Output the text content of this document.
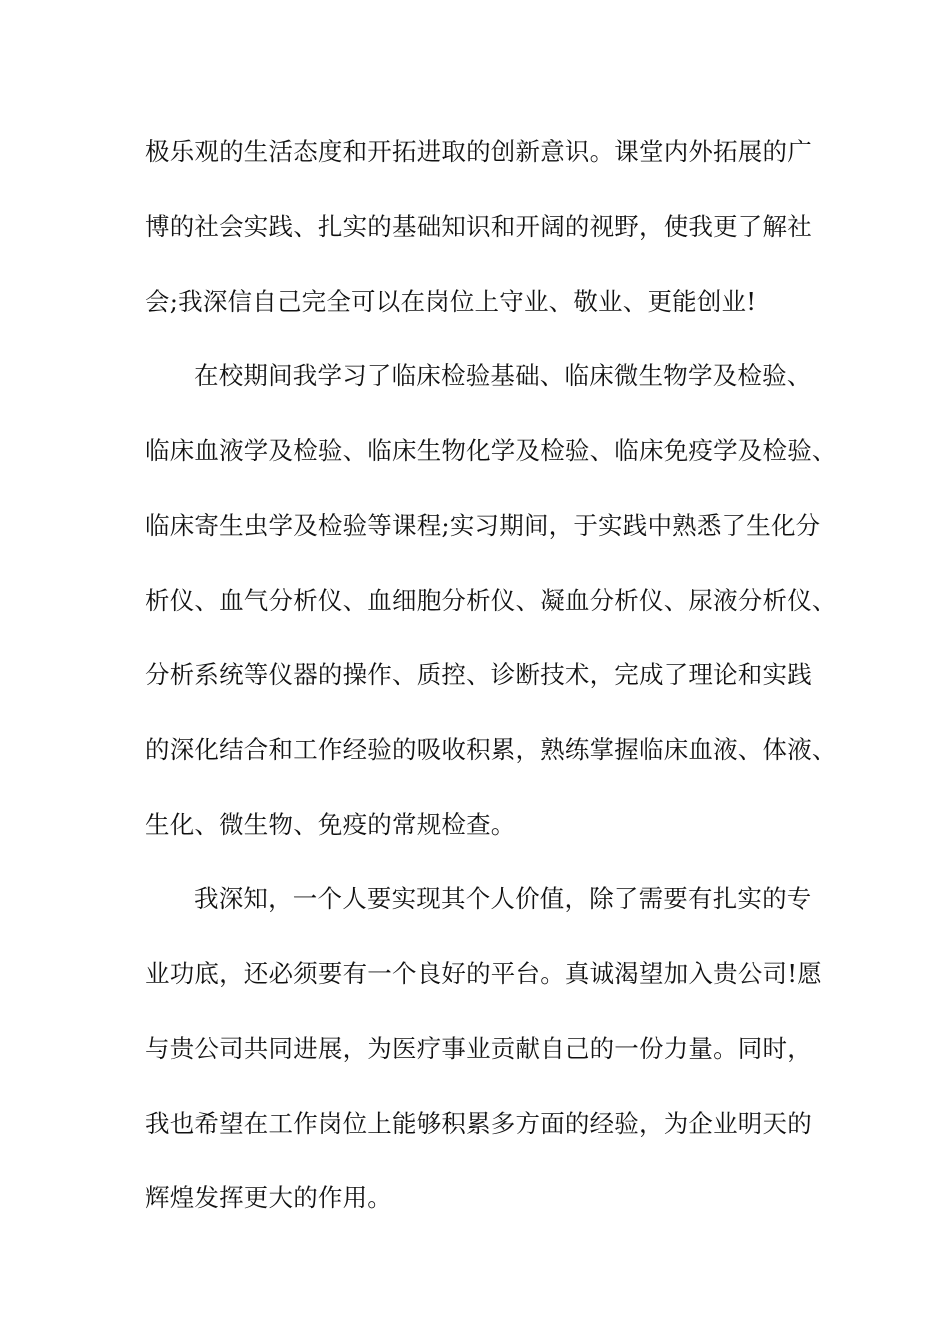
极乐观的生活态度和开拓进取的创新意识。课堂内外拓展的广

博的社会实践、扎实的基础知识和开阔的视野，使我更了解社

会;我深信自己完全可以在岗位上守业、敬业、更能创业!

在校期间我学习了临床检验基础、临床微生物学及检验、

临床血液学及检验、临床生物化学及检验、临床免疫学及检验、

临床寄生虫学及检验等课程;实习期间，于实践中熟悉了生化分

析仪、血气分析仪、血细胞分析仪、凝血分析仪、尿液分析仪、

分析系统等仪器的操作、质控、诊断技术，完成了理论和实践

的深化结合和工作经验的吸收积累，熟练掌握临床血液、体液、

生化、微生物、免疫的常规检查。

我深知，一个人要实现其个人价值，除了需要有扎实的专

业功底，还必须要有一个良好的平台。真诚渴望加入贵公司!愿

与贵公司共同进展，为医疗事业贡献自己的一份力量。同时，

我也希望在工作岗位上能够积累多方面的经验，为企业明天的

辉煌发挥更大的作用。
